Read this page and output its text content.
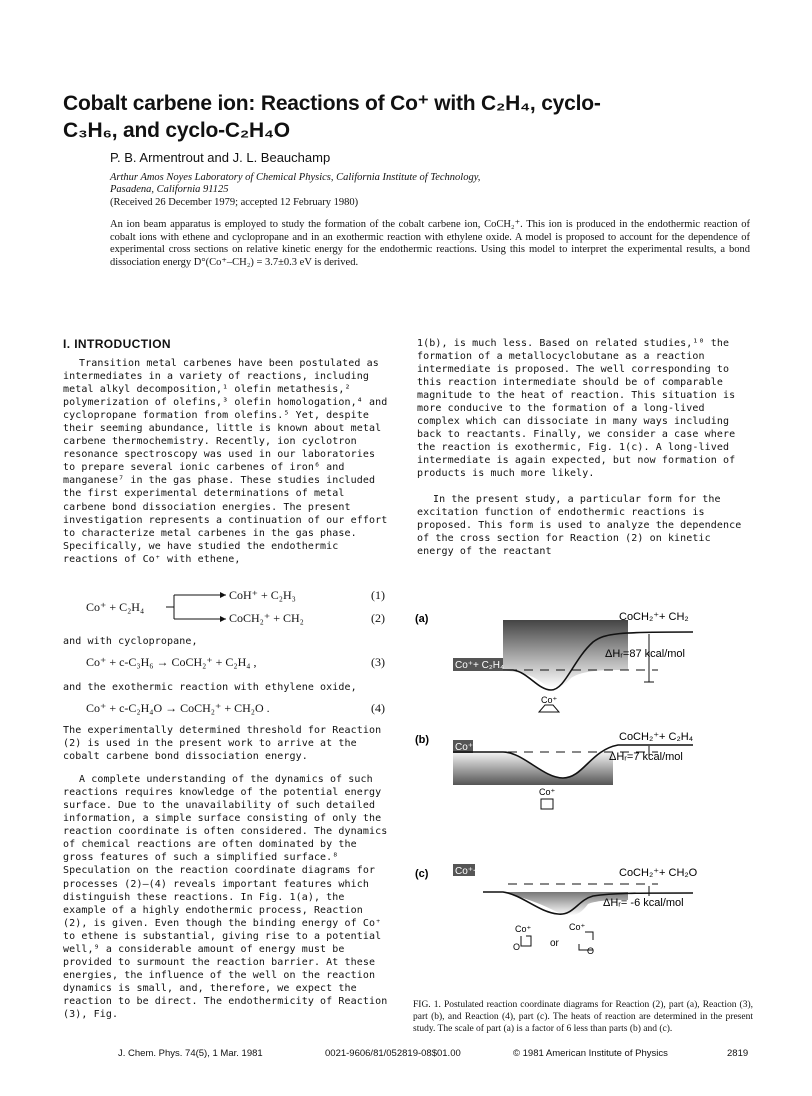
Cobalt carbene ion: Reactions of Co⁺ with C₂H₄, cyclo-
C₃H₆, and cyclo-C₂H₄O
P. B. Armentrout and J. L. Beauchamp
Arthur Amos Noyes Laboratory of Chemical Physics, California Institute of Technology, Pasadena, California 91125
(Received 26 December 1979; accepted 12 February 1980)
An ion beam apparatus is employed to study the formation of the cobalt carbene ion, CoCH₂⁺. This ion is produced in the endothermic reaction of cobalt ions with ethene and cyclopropane and in an exothermic reaction with ethylene oxide. A model is proposed to account for the dependence of experimental cross sections on relative kinetic energy for the endothermic reactions. Using this model to interpret the experimental results, a bond dissociation energy D°(Co⁺–CH₂) = 3.7±0.3 eV is derived.
I. INTRODUCTION

Transition metal carbenes have been postulated as intermediates in a variety of reactions, including metal alkyl decomposition,¹ olefin metathesis,² polymerization of olefins,³ olefin homologation,⁴ and cyclopropane formation from olefins.⁵ Yet, despite their seeming abundance, little is known about metal carbene thermochemistry. Recently, ion cyclotron resonance spectroscopy was used in our laboratories to prepare several ionic carbenes of iron⁶ and manganese⁷ in the gas phase. These studies included the first experimental determinations of metal carbene bond dissociation energies. The present investigation represents a continuation of our effort to characterize metal carbenes in the gas phase. Specifically, we have studied the endothermic reactions of Co⁺ with ethene,

Co⁺ + C₂H₄
CoH⁺ + C₂H₃	(1)
CoCH₂⁺ + CH₂	(2)
and with cyclopropane,
Co⁺ + c-C₃H₆ → CoCH₂⁺ + C₂H₄ ,	(3)
and the exothermic reaction with ethylene oxide,
Co⁺ + c-C₂H₄O → CoCH₂⁺ + CH₂O .	(4)

The experimentally determined threshold for Reaction (2) is used in the present work to arrive at the cobalt carbene bond dissociation energy.

A complete understanding of the dynamics of such reactions requires knowledge of the potential energy surface. Due to the unavailability of such detailed information, a simple surface consisting of only the reaction coordinate is often considered. The dynamics of chemical reactions are often dominated by the gross features of such a simplified surface.⁸ Speculation on the reaction coordinate diagrams for processes (2)–(4) reveals important features which distinguish these reactions. In Fig. 1(a), the example of a highly endothermic process, Reaction (2), is given. Even though the binding energy of Co⁺ to ethene is substantial, giving rise to a potential well,⁹ a considerable amount of energy must be provided to surmount the reaction barrier. At these energies, the influence of the well on the reaction dynamics is small, and, therefore, we expect the reaction to be direct. The endothermicity of Reaction (3), Fig.

1(b), is much less. Based on related studies,¹⁰ the formation of a metallocyclobutane as a reaction intermediate is proposed. The well corresponding to this reaction intermediate should be of comparable magnitude to the heat of reaction. This situation is more conducive to the formation of a long-lived complex which can dissociate in many ways including back to reactants. Finally, we consider a case where the reaction is exothermic, Fig. 1(c). A long-lived intermediate is again expected, but now formation of products is much more likely.

In the present study, a particular form for the excitation function of endothermic reactions is proposed. This form is used to analyze the dependence of the cross section for Reaction (2) on kinetic energy of the reactant

(a)
Co⁺+ C₂H₄
CoCH₂⁺+ CH₂
ΔHᵣ=87 kcal/mol
Co⁺
(b)
Co⁺+ △
CoCH₂⁺+ C₂H₄
ΔHᵣ=7 kcal/mol
Co⁺
(c)	Co⁺+ △	CoCH₂⁺+ CH₂O
ΔHᵣ= -6 kcal/mol
Co⁺
O	or
Co⁺
O
FIG. 1. Postulated reaction coordinate diagrams for Reaction (2), part (a), Reaction (3), part (b), and Reaction (4), part (c). The heats of reaction are determined in the present study. The scale of part (a) is a factor of 6 less than parts (b) and (c).
J. Chem. Phys. 74(5), 1 Mar. 1981	0021-9606/81/052819-08$01.00	© 1981 American Institute of Physics	2819
